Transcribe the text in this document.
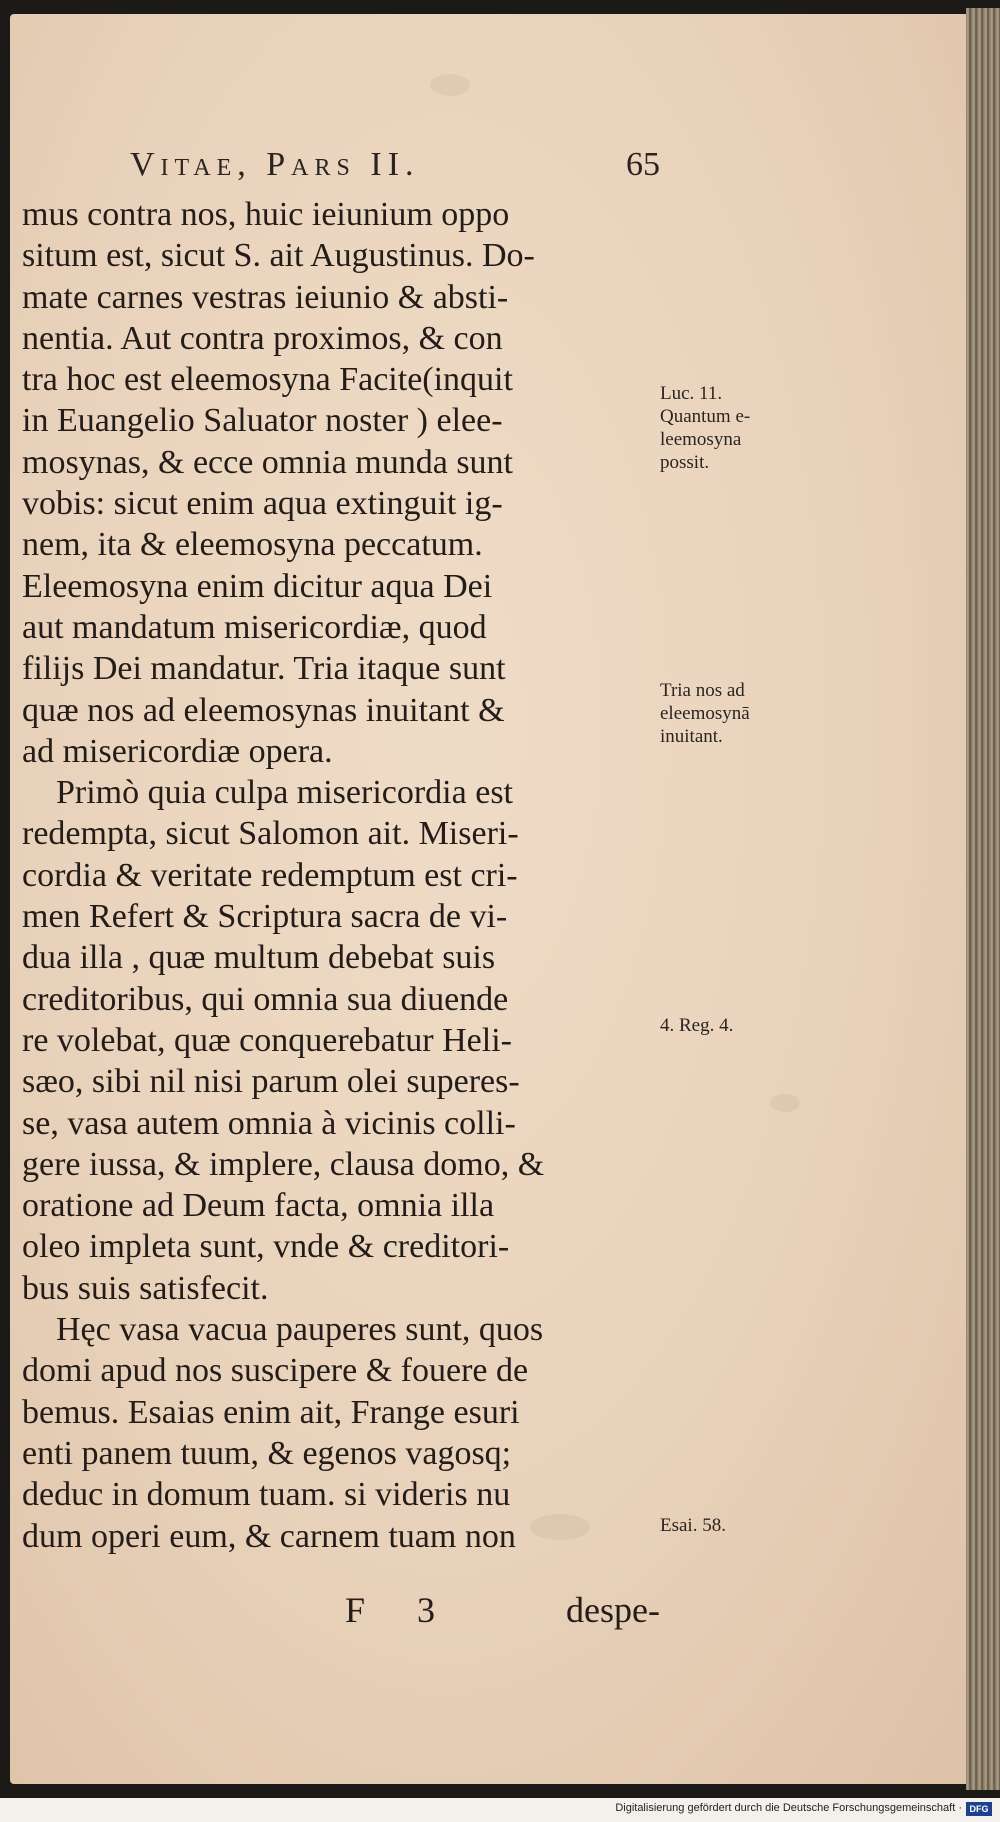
Vitae, Pars II.	65
mus contra nos, huic ieiunium oppo
situm est, sicut S. ait Augustinus. Do-
mate carnes vestras ieiunio & absti-
nentia. Aut contra proximos, & con
tra hoc est eleemosyna Facite(inquit
in Euangelio Saluator noster ) elee-
mosynas, & ecce omnia munda sunt
vobis: sicut enim aqua extinguit ig-
nem, ita & eleemosyna peccatum.
Eleemosyna enim dicitur aqua Dei
aut mandatum misericordiæ, quod
filijs Dei mandatur. Tria itaque sunt
quæ nos ad eleemosynas inuitant &
ad misericordiæ opera.
Primò quia culpa misericordia est
redempta, sicut Salomon ait. Miseri-
cordia & veritate redemptum est cri-
men Refert & Scriptura sacra de vi-
dua illa , quæ multum debebat suis
creditoribus, qui omnia sua diuende
re volebat, quæ conquerebatur Heli-
sæo, sibi nil nisi parum olei superes-
se, vasa autem omnia à vicinis colli-
gere iussa, & implere, clausa domo, &
oratione ad Deum facta, omnia illa
oleo impleta sunt, vnde & creditori-
bus suis satisfecit.
Hęc vasa vacua pauperes sunt, quos
domi apud nos suscipere & fouere de
bemus. Esaias enim ait, Frange esuri
enti panem tuum, & egenos vagosq;
deduc in domum tuam. si videris nu
dum operi eum, & carnem tuam non
Luc. 11.
Quantum e-
leemosyna
possit.
Tria nos ad
eleemosynā
inuitant.
4. Reg. 4.
Esai. 58.
F 3	despe-
Digitalisierung gefördert durch die Deutsche Forschungsgemeinschaft · DFG
